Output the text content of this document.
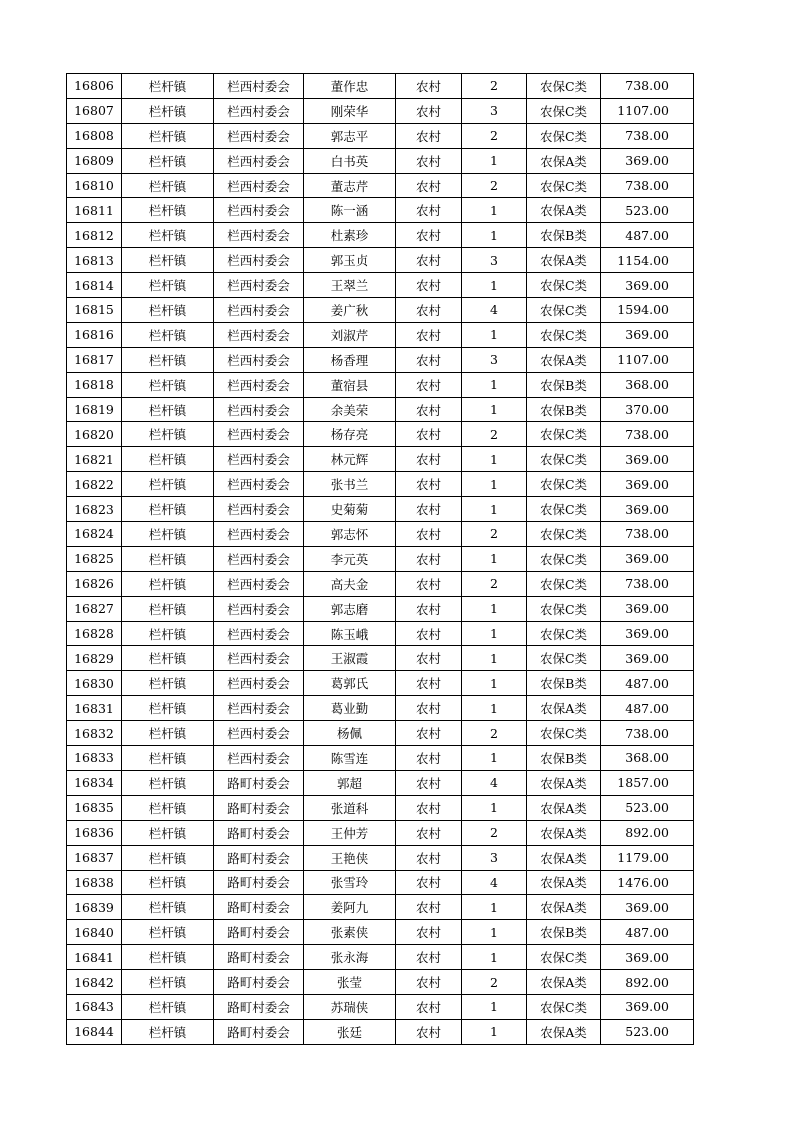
16806	栏杆镇	栏西村委会	董作忠	农村	2	农保C类	738.00
16807	栏杆镇	栏西村委会	刚荣华	农村	3	农保C类	1107.00
16808	栏杆镇	栏西村委会	郭志平	农村	2	农保C类	738.00
16809	栏杆镇	栏西村委会	白书英	农村	1	农保A类	369.00
16810	栏杆镇	栏西村委会	董志芹	农村	2	农保C类	738.00
16811	栏杆镇	栏西村委会	陈一涵	农村	1	农保A类	523.00
16812	栏杆镇	栏西村委会	杜素珍	农村	1	农保B类	487.00
16813	栏杆镇	栏西村委会	郭玉贞	农村	3	农保A类	1154.00
16814	栏杆镇	栏西村委会	王翠兰	农村	1	农保C类	369.00
16815	栏杆镇	栏西村委会	姜广秋	农村	4	农保C类	1594.00
16816	栏杆镇	栏西村委会	刘淑芹	农村	1	农保C类	369.00
16817	栏杆镇	栏西村委会	杨香理	农村	3	农保A类	1107.00
16818	栏杆镇	栏西村委会	董宿县	农村	1	农保B类	368.00
16819	栏杆镇	栏西村委会	余美荣	农村	1	农保B类	370.00
16820	栏杆镇	栏西村委会	杨存亮	农村	2	农保C类	738.00
16821	栏杆镇	栏西村委会	林元辉	农村	1	农保C类	369.00
16822	栏杆镇	栏西村委会	张书兰	农村	1	农保C类	369.00
16823	栏杆镇	栏西村委会	史菊菊	农村	1	农保C类	369.00
16824	栏杆镇	栏西村委会	郭志怀	农村	2	农保C类	738.00
16825	栏杆镇	栏西村委会	李元英	农村	1	农保C类	369.00
16826	栏杆镇	栏西村委会	高夫金	农村	2	农保C类	738.00
16827	栏杆镇	栏西村委会	郭志磨	农村	1	农保C类	369.00
16828	栏杆镇	栏西村委会	陈玉峨	农村	1	农保C类	369.00
16829	栏杆镇	栏西村委会	王淑霞	农村	1	农保C类	369.00
16830	栏杆镇	栏西村委会	葛郭氏	农村	1	农保B类	487.00
16831	栏杆镇	栏西村委会	葛业勤	农村	1	农保A类	487.00
16832	栏杆镇	栏西村委会	杨佩	农村	2	农保C类	738.00
16833	栏杆镇	栏西村委会	陈雪连	农村	1	农保B类	368.00
16834	栏杆镇	路町村委会	郭超	农村	4	农保A类	1857.00
16835	栏杆镇	路町村委会	张道科	农村	1	农保A类	523.00
16836	栏杆镇	路町村委会	王仲芳	农村	2	农保A类	892.00
16837	栏杆镇	路町村委会	王艳侠	农村	3	农保A类	1179.00
16838	栏杆镇	路町村委会	张雪玲	农村	4	农保A类	1476.00
16839	栏杆镇	路町村委会	姜阿九	农村	1	农保A类	369.00
16840	栏杆镇	路町村委会	张素侠	农村	1	农保B类	487.00
16841	栏杆镇	路町村委会	张永海	农村	1	农保C类	369.00
16842	栏杆镇	路町村委会	张莹	农村	2	农保A类	892.00
16843	栏杆镇	路町村委会	苏瑞侠	农村	1	农保C类	369.00
16844	栏杆镇	路町村委会	张廷	农村	1	农保A类	523.00
